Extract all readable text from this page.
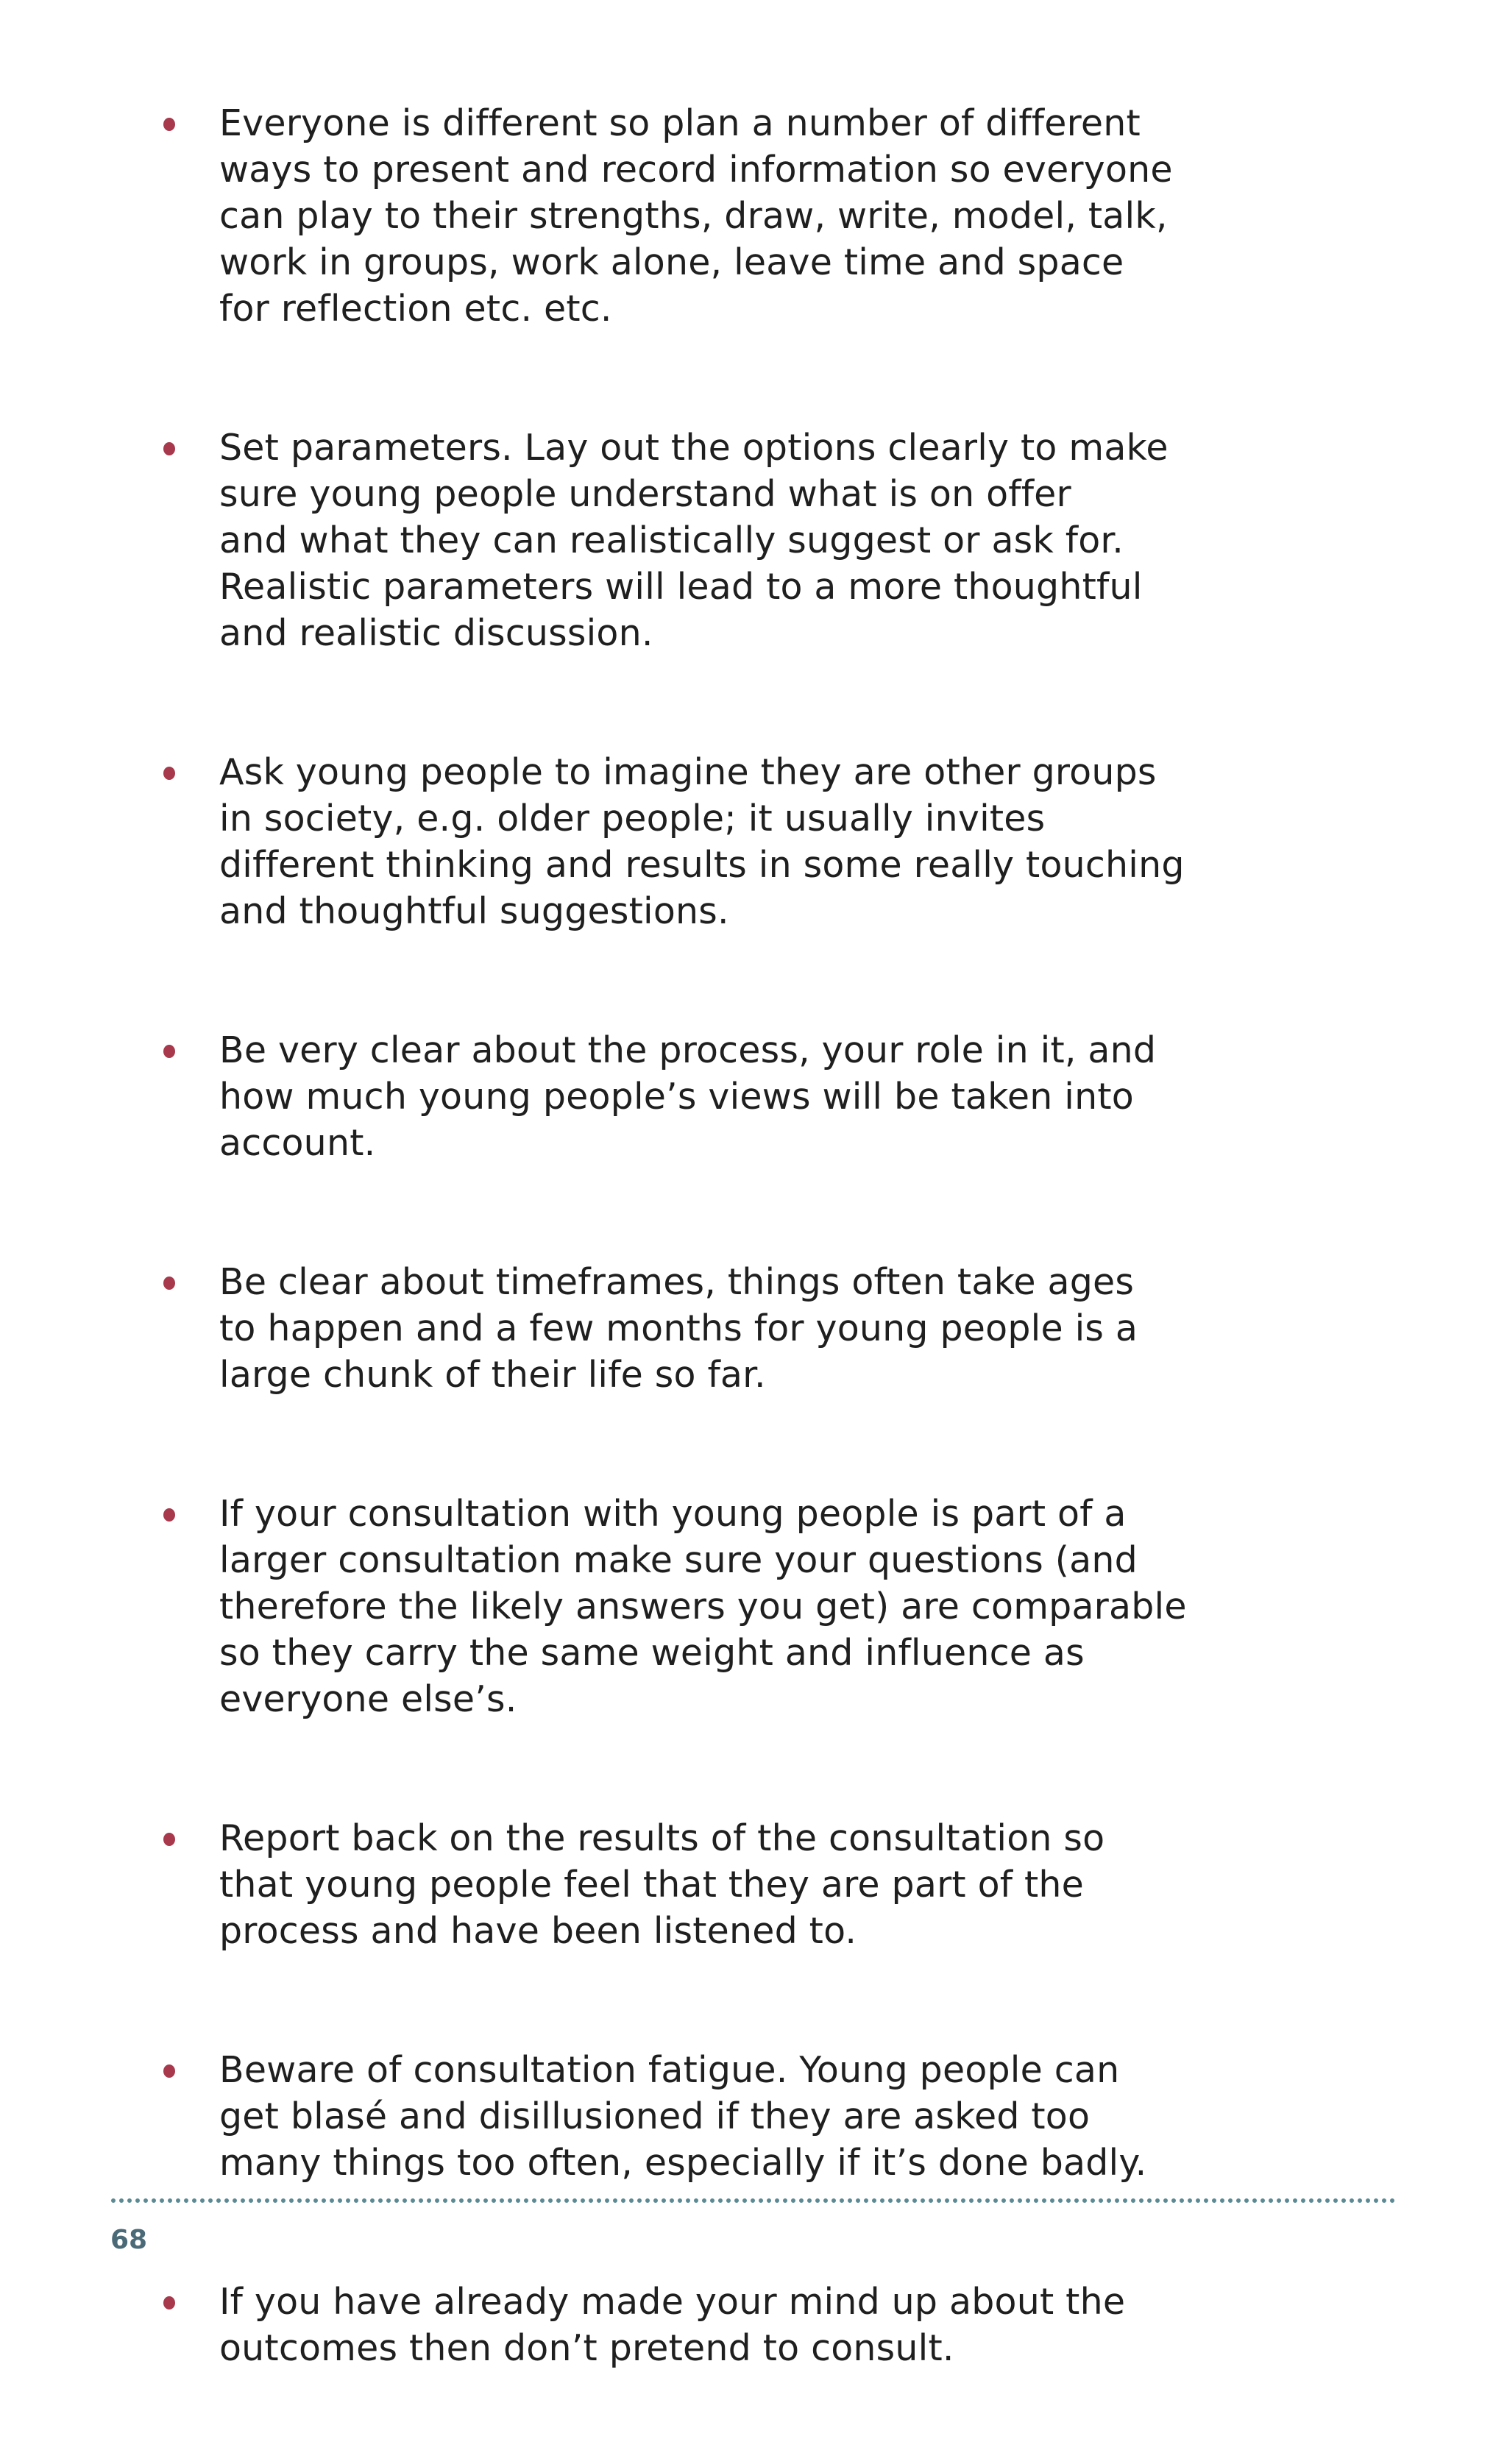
Everyone is different so plan a number of different
ways to present and record information so everyone
can play to their strengths, draw, write, model, talk,
work in groups, work alone, leave time and space
for reflection etc. etc.
Set parameters. Lay out the options clearly to make
sure young people understand what is on offer
and what they can realistically suggest or ask for.
Realistic parameters will lead to a more thoughtful
and realistic discussion.
Ask young people to imagine they are other groups
in society, e.g. older people; it usually invites
different thinking and results in some really touching
and thoughtful suggestions.
Be very clear about the process, your role in it, and
how much young people’s views will be taken into
account.
Be clear about timeframes, things often take ages
to happen and a few months for young people is a
large chunk of their life so far.
If your consultation with young people is part of a
larger consultation make sure your questions (and
therefore the likely answers you get) are comparable
so they carry the same weight and influence as
everyone else’s.
Report back on the results of the consultation so
that young people feel that they are part of the
process and have been listened to.
Beware of consultation fatigue. Young people can
get blasé and disillusioned if they are asked too
many things too often, especially if it’s done badly.
If you have already made your mind up about the
outcomes then don’t pretend to consult.
68
